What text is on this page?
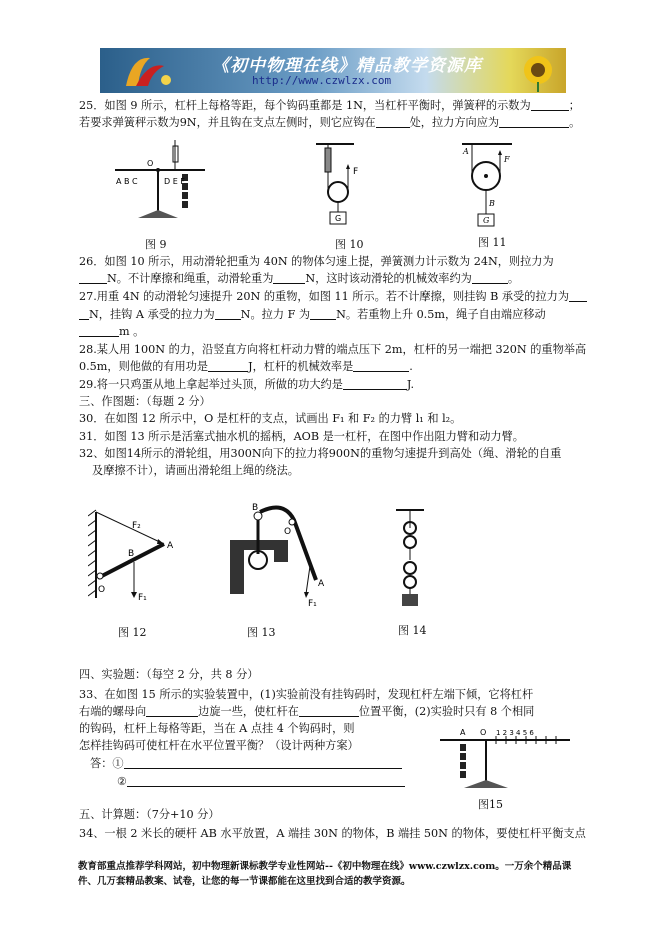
《初中物理在线》精品教学资源库
http://www.czwlzx.com
25．如图 9 所示，杠杆上每格等距，每个钩码重都是 1N，当杠杆平衡时，弹簧秤的示数为	；
若要求弹簧秤示数为9N，并且钩在支点左侧时，则它应钩在	处，拉力方向应为	。
A B C
O
D E F
图 9
F
G
图 10
A
F
B
G
图 11
26．如图 10 所示，用动滑轮把重为 40N 的物体匀速上提，弹簧测力计示数为 24N，则拉力为
N。不计摩擦和绳重，动滑轮重为	N，这时该动滑轮的机械效率约为	。
27.用重 4N 的动滑轮匀速提升 20N 的重物，如图 11 所示。若不计摩擦，则挂钩 B 承受的拉力为
N，挂钩 A 承受的拉力为 N。拉力 F 为 N。若重物上升 0.5m，绳子自由端应移动
m 。
28.某人用 100N 的力，沿竖直方向将杠杆动力臂的端点压下 2m，杠杆的另一端把 320N 的重物举高
0.5m，则他做的有用功是	J，杠杆的机械效率是	.
29.将一只鸡蛋从地上拿起举过头顶，所做的功大约是	J.
三、作图题：（每题 2 分）
30．在如图 12 所示中，O 是杠杆的支点，试画出 F₁ 和 F₂ 的力臂 l₁ 和 l₂。
31．如图 13 所示是活塞式抽水机的摇柄，AOB 是一杠杆，在图中作出阻力臂和动力臂。
32、如图14所示的滑轮组，用300N向下的拉力将900N的重物匀速提升到高处（绳、滑轮的自重
及摩擦不计），请画出滑轮组上绳的绕法。
F₂
B
A
O
F₁
图 12
B
O
A
F₁
图 13	图 14
四、实验题：（每空 2 分，共 8 分）
33、在如图 15 所示的实验装置中，(1)实验前没有挂钩码时，发现杠杆左端下倾，它将杠杆
右端的螺母向	边旋一些，使杠杆在	位置平衡，(2)实验时只有 8 个相同
的钩码，杠杆上每格等距，当在 A 点挂 4 个钩码时，则
怎样挂钩码可使杠杆在水平位置平衡？（设计两种方案）
答：①
②
A O 1 2 3 4 5 6
图15
五、计算题：（7分+10 分）
34、一根 2 米长的硬杆 AB 水平放置，A 端挂 30N 的物体，B 端挂 50N 的物体，要使杠杆平衡支点
教育部重点推荐学科网站，初中物理新课标教学专业性网站--《初中物理在线》www.czwlzx.com。一万余个精品课
件、几万套精品教案、试卷，让您的每一节课都能在这里找到合适的教学资源。
